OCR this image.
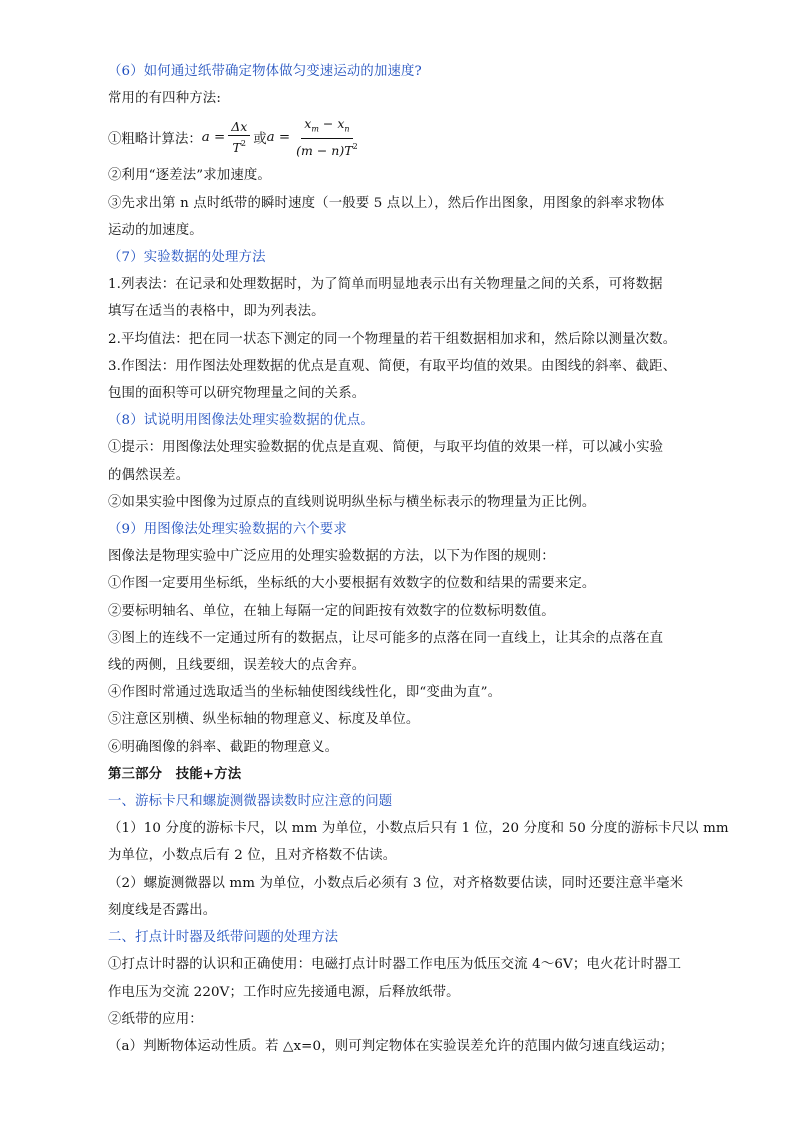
（6）如何通过纸带确定物体做匀变速运动的加速度?
常用的有四种方法:
①粗略计算法： $a = \frac{\Delta x}{T^2}$ 或 $a = \frac{x_m - x_n}{(m - n)T^2}$
②利用“逐差法”求加速度。
③先求出第 n 点时纸带的瞬时速度（一般要 5 点以上），然后作出图象，用图象的斜率求物体
运动的加速度。
（7）实验数据的处理方法
1.列表法：在记录和处理数据时，为了简单而明显地表示出有关物理量之间的关系，可将数据
填写在适当的表格中，即为列表法。
2.平均值法：把在同一状态下测定的同一个物理量的若干组数据相加求和，然后除以测量次数。
3.作图法：用作图法处理数据的优点是直观、简便，有取平均值的效果。由图线的斜率、截距、
包围的面积等可以研究物理量之间的关系。
（8）试说明用图像法处理实验数据的优点。
①提示：用图像法处理实验数据的优点是直观、简便，与取平均值的效果一样，可以减小实验
的偶然误差。
②如果实验中图像为过原点的直线则说明纵坐标与横坐标表示的物理量为正比例。
（9）用图像法处理实验数据的六个要求
图像法是物理实验中广泛应用的处理实验数据的方法，以下为作图的规则：
①作图一定要用坐标纸，坐标纸的大小要根据有效数字的位数和结果的需要来定。
②要标明轴名、单位，在轴上每隔一定的间距按有效数字的位数标明数值。
③图上的连线不一定通过所有的数据点，让尽可能多的点落在同一直线上，让其余的点落在直
线的两侧，且线要细，误差较大的点舍弃。
④作图时常通过选取适当的坐标轴使图线线性化，即“变曲为直”。
⑤注意区别横、纵坐标轴的物理意义、标度及单位。
⑥明确图像的斜率、截距的物理意义。
第三部分　技能+方法
一、游标卡尺和螺旋测微器读数时应注意的问题
（1）10 分度的游标卡尺，以 mm 为单位，小数点后只有 1 位，20 分度和 50 分度的游标卡尺以 mm
为单位，小数点后有 2 位，且对齐格数不估读。
（2）螺旋测微器以 mm 为单位，小数点后必须有 3 位，对齐格数要估读，同时还要注意半毫米
刻度线是否露出。
二、打点计时器及纸带问题的处理方法
①打点计时器的认识和正确使用：电磁打点计时器工作电压为低压交流 4～6V；电火花计时器工
作电压为交流 220V；工作时应先接通电源，后释放纸带。
②纸带的应用：
（a）判断物体运动性质。若 △x=0，则可判定物体在实验误差允许的范围内做匀速直线运动；
